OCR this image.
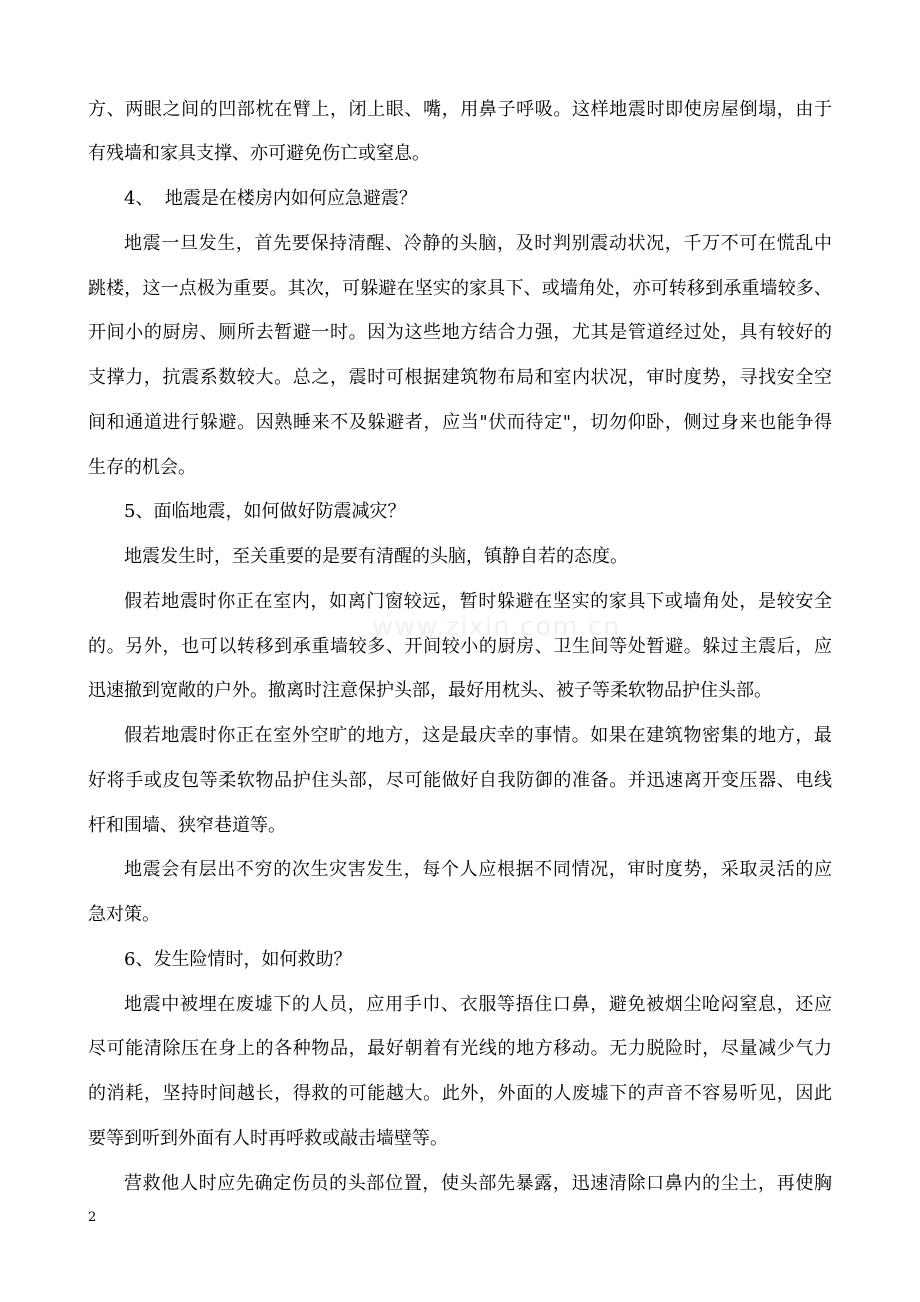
www.zixin.com.cn
方、两眼之间的凹部枕在臂上，闭上眼、嘴，用鼻子呼吸。这样地震时即使房屋倒塌，由于
有残墙和家具支撑、亦可避免伤亡或窒息。
4、  地震是在楼房内如何应急避震？
地震一旦发生，首先要保持清醒、冷静的头脑，及时判别震动状况，千万不可在慌乱中
跳楼，这一点极为重要。其次，可躲避在坚实的家具下、或墙角处，亦可转移到承重墙较多、
开间小的厨房、厕所去暂避一时。因为这些地方结合力强，尤其是管道经过处，具有较好的
支撑力，抗震系数较大。总之，震时可根据建筑物布局和室内状况，审时度势，寻找安全空
间和通道进行躲避。因熟睡来不及躲避者，应当"伏而待定"，切勿仰卧，侧过身来也能争得
生存的机会。
5、面临地震，如何做好防震减灾？
地震发生时，至关重要的是要有清醒的头脑，镇静自若的态度。
假若地震时你正在室内，如离门窗较远，暂时躲避在坚实的家具下或墙角处，是较安全
的。另外，也可以转移到承重墙较多、开间较小的厨房、卫生间等处暂避。躲过主震后，应
迅速撤到宽敞的户外。撤离时注意保护头部，最好用枕头、被子等柔软物品护住头部。
假若地震时你正在室外空旷的地方，这是最庆幸的事情。如果在建筑物密集的地方，最
好将手或皮包等柔软物品护住头部，尽可能做好自我防御的准备。并迅速离开变压器、电线
杆和围墙、狭窄巷道等。
地震会有层出不穷的次生灾害发生，每个人应根据不同情况，审时度势，采取灵活的应
急对策。
6、发生险情时，如何救助？
地震中被埋在废墟下的人员，应用手巾、衣服等捂住口鼻，避免被烟尘呛闷窒息，还应
尽可能清除压在身上的各种物品，最好朝着有光线的地方移动。无力脱险时，尽量减少气力
的消耗，坚持时间越长，得救的可能越大。此外，外面的人废墟下的声音不容易听见，因此
要等到听到外面有人时再呼救或敲击墙壁等。
营救他人时应先确定伤员的头部位置，使头部先暴露，迅速清除口鼻内的尘土，再使胸
2
